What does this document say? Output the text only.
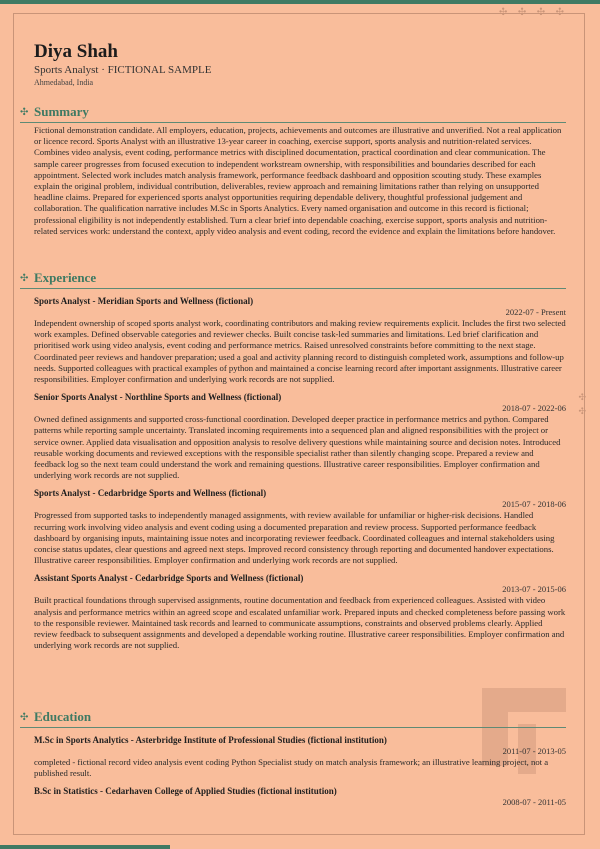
✣ ✣ ✣ ✣
✣
✣
Diya Shah
Sports Analyst · FICTIONAL SAMPLE
Ahmedabad, India
✣ Summary

Fictional demonstration candidate. All employers, education, projects, achievements and outcomes are illustrative and unverified. Not a real application or licence record. Sports Analyst with an illustrative 13-year career in coaching, exercise support, sports analysis and nutrition-related services. Combines video analysis, event coding, performance metrics with disciplined documentation, practical coordination and clear communication. The sample career progresses from focused execution to independent workstream ownership, with responsibilities and boundaries described for each appointment. Selected work includes match analysis framework, performance feedback dashboard and opposition scouting study. These examples explain the original problem, individual contribution, deliverables, review approach and remaining limitations rather than relying on unsupported headline claims. Prepared for experienced sports analyst opportunities requiring dependable delivery, thoughtful professional judgement and collaboration. The qualification narrative includes M.Sc in Sports Analytics. Every named organisation and outcome in this record is fictional; professional eligibility is not independently established. Turn a clear brief into dependable coaching, exercise support, sports analysis and nutrition-related services work: understand the context, apply video analysis and event coding, record the evidence and explain the limitations before handover.

✣ Experience
Sports Analyst - Meridian Sports and Wellness (fictional)
2022-07 - Present

Independent ownership of scoped sports analyst work, coordinating contributors and making review requirements explicit. Includes the first two selected work examples. Defined observable categories and reviewer checks. Built concise task-led summaries and limitations. Led brief clarification and prioritised work using video analysis, event coding and performance metrics. Raised unresolved constraints before committing to the next stage. Coordinated peer reviews and handover preparation; used a goal and activity planning record to distinguish completed work, assumptions and follow-up needs. Supported colleagues with practical examples of python and maintained a concise learning record after important assignments. Illustrative career responsibilities. Employer confirmation and underlying work records are not supplied.

Senior Sports Analyst - Northline Sports and Wellness (fictional)
2018-07 - 2022-06

Owned defined assignments and supported cross-functional coordination. Developed deeper practice in performance metrics and python. Compared patterns while reporting sample uncertainty. Translated incoming requirements into a sequenced plan and aligned responsibilities with the project or service owner. Applied data visualisation and opposition analysis to resolve delivery questions while maintaining source and decision notes. Introduced reusable working documents and reviewed exceptions with the responsible specialist rather than silently changing scope. Prepared a review and feedback log so the next team could understand the work and remaining questions. Illustrative career responsibilities. Employer confirmation and underlying work records are not supplied.

Sports Analyst - Cedarbridge Sports and Wellness (fictional)
2015-07 - 2018-06

Progressed from supported tasks to independently managed assignments, with review available for unfamiliar or higher-risk decisions. Handled recurring work involving video analysis and event coding using a documented preparation and review process. Supported performance feedback dashboard by organising inputs, maintaining issue notes and incorporating reviewer feedback. Coordinated colleagues and internal stakeholders using concise status updates, clear questions and agreed next steps. Improved record consistency through reporting and documented handover expectations. Illustrative career responsibilities. Employer confirmation and underlying work records are not supplied.

Assistant Sports Analyst - Cedarbridge Sports and Wellness (fictional)
2013-07 - 2015-06

Built practical foundations through supervised assignments, routine documentation and feedback from experienced colleagues. Assisted with video analysis and performance metrics within an agreed scope and escalated unfamiliar work. Prepared inputs and checked completeness before passing work to the responsible reviewer. Maintained task records and learned to communicate assumptions, constraints and observed problems clearly. Applied review feedback to subsequent assignments and developed a dependable working routine. Illustrative career responsibilities. Employer confirmation and underlying work records are not supplied.

✣ Education
M.Sc in Sports Analytics - Asterbridge Institute of Professional Studies (fictional institution)
2011-07 - 2013-05

completed - fictional record video analysis event coding Python Specialist study on match analysis framework; an illustrative learning project, not a published result.

B.Sc in Statistics - Cedarhaven College of Applied Studies (fictional institution)
2008-07 - 2011-05
